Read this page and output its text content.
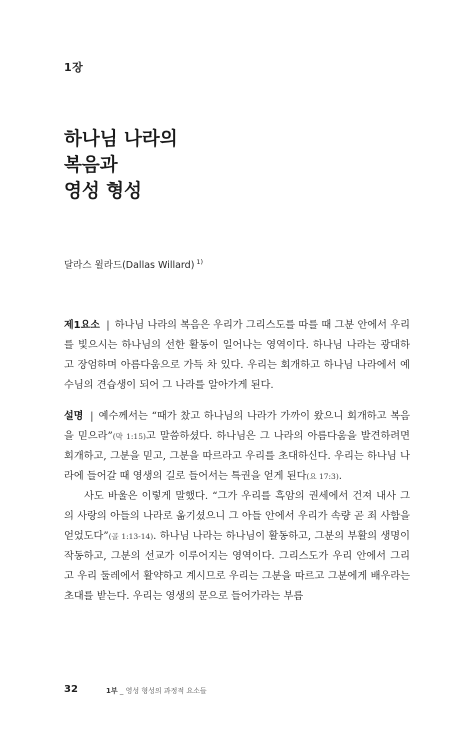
1장
하나님 나라의
복음과
영성 형성
달라스 윌라드(Dallas Willard) $^{1)}$

제1요소 | 하나님 나라의 복음은 우리가 그리스도를 따를 때 그분 안에서 우리를 빛으시는 하나님의 선한 활동이 일어나는 영역이다. 하나님 나라는 광대하고 장엄하며 아름다움으로 가득 차 있다. 우리는 회개하고 하나님 나라에서 예수님의 견습생이 되어 그 나라를 알아가게 된다.

설명 | 예수께서는 “때가 찼고 하나님의 나라가 가까이 왔으니 회개하고 복음을 믿으라”(막 1:15)고 말씀하셨다. 하나님은 그 나라의 아름다움을 발견하려면 회개하고, 그분을 믿고, 그분을 따르라고 우리를 초대하신다. 우리는 하나님 나라에 들어갈 때 영생의 길로 들어서는 특권을 얻게 된다(요 17:3).

사도 바울은 이렇게 말했다. “그가 우리를 흑암의 권세에서 건져 내사 그의 사랑의 아들의 나라로 옮기셨으니 그 아들 안에서 우리가 속량 곧 죄 사함을 얻었도다”(골 1:13-14). 하나님 나라는 하나님이 활동하고, 그분의 부활의 생명이 작동하고, 그분의 선교가 이루어지는 영역이다. 그리스도가 우리 안에서 그리고 우리 둘레에서 활약하고 계시므로 우리는 그분을 따르고 그분에게 배우라는 초대를 받는다. 우리는 영생의 문으로 들어가라는 부름

32	1부 _ 영성 형성의 과정적 요소들
